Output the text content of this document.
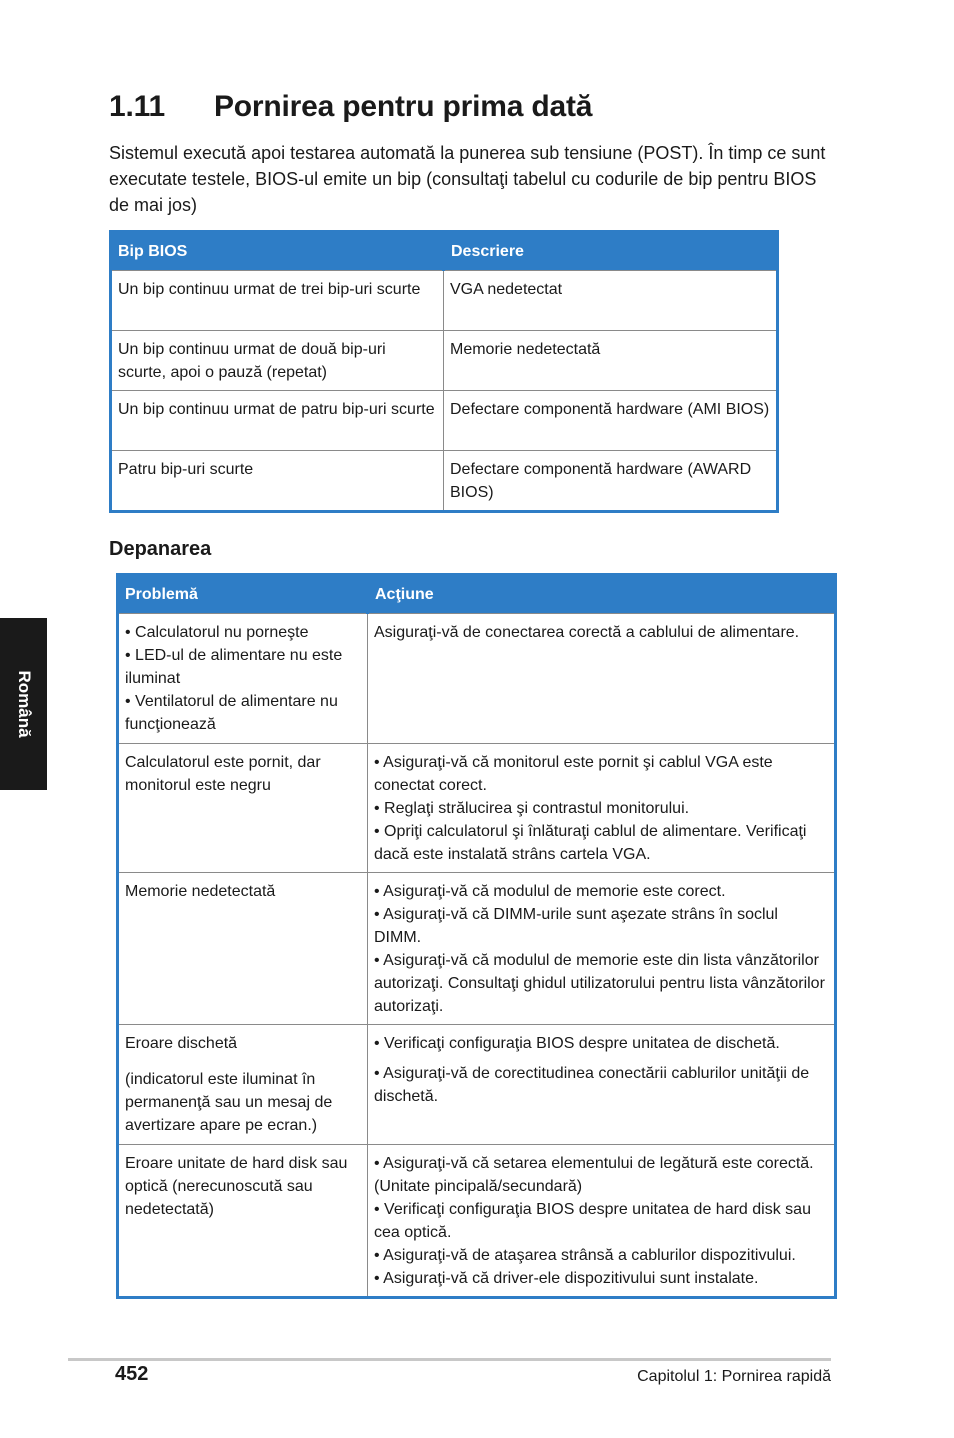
1.11	Pornirea pentru prima dată

Sistemul execută apoi testarea automată la punerea sub tensiune (POST). În timp ce sunt executate testele, BIOS-ul emite un bip (consultaţi tabelul cu codurile de bip pentru BIOS de mai jos)

Bip BIOS	Descriere
Un bip continuu urmat de trei bip-uri scurte	VGA nedetectat
Un bip continuu urmat de două bip-uri scurte, apoi o pauză (repetat)	Memorie nedetectată
Un bip continuu urmat de patru bip-uri scurte	Defectare componentă hardware (AMI BIOS)
Patru bip-uri scurte	Defectare componentă hardware (AWARD BIOS)
Depanarea
Problemă	Acţiune

• Calculatorul nu porneşte
• LED-ul de alimentare nu este iluminat
• Ventilatorul de alimentare nu funcţionează	Asiguraţi-vă de conectarea corectă a cablului de alimentare.

Calculatorul este pornit, dar monitorul este negru	• Asiguraţi-vă că monitorul este pornit şi cablul VGA este conectat corect.
• Reglaţi strălucirea şi contrastul monitorului.
• Opriţi calculatorul şi înlăturaţi cablul de alimentare. Verificaţi dacă este instalată strâns cartela VGA.

Memorie nedetectată	• Asiguraţi-vă că modulul de memorie este corect.
• Asiguraţi-vă că DIMM-urile sunt aşezate strâns în soclul DIMM.
• Asiguraţi-vă că modulul de memorie este din lista vânzătorilor autorizaţi. Consultaţi ghidul utilizatorului pentru lista vânzătorilor autorizaţi.

Eroare dischetă
(indicatorul este iluminat în permanenţă sau un mesaj de avertizare apare pe ecran.)	• Verificaţi configuraţia BIOS despre unitatea de dischetă.
• Asiguraţi-vă de corectitudinea conectării cablurilor unităţii de dischetă.

Eroare unitate de hard disk sau optică (nerecunoscută sau nedetectată)	• Asiguraţi-vă că setarea elementului de legătură este corectă. (Unitate pincipală/secundară)
• Verificaţi configuraţia BIOS despre unitatea de hard disk sau cea optică.
• Asiguraţi-vă de ataşarea strânsă a cablurilor dispozitivului.
• Asiguraţi-vă că driver-ele dispozitivului sunt instalate.
Română
452	Capitolul 1: Pornirea rapidă
